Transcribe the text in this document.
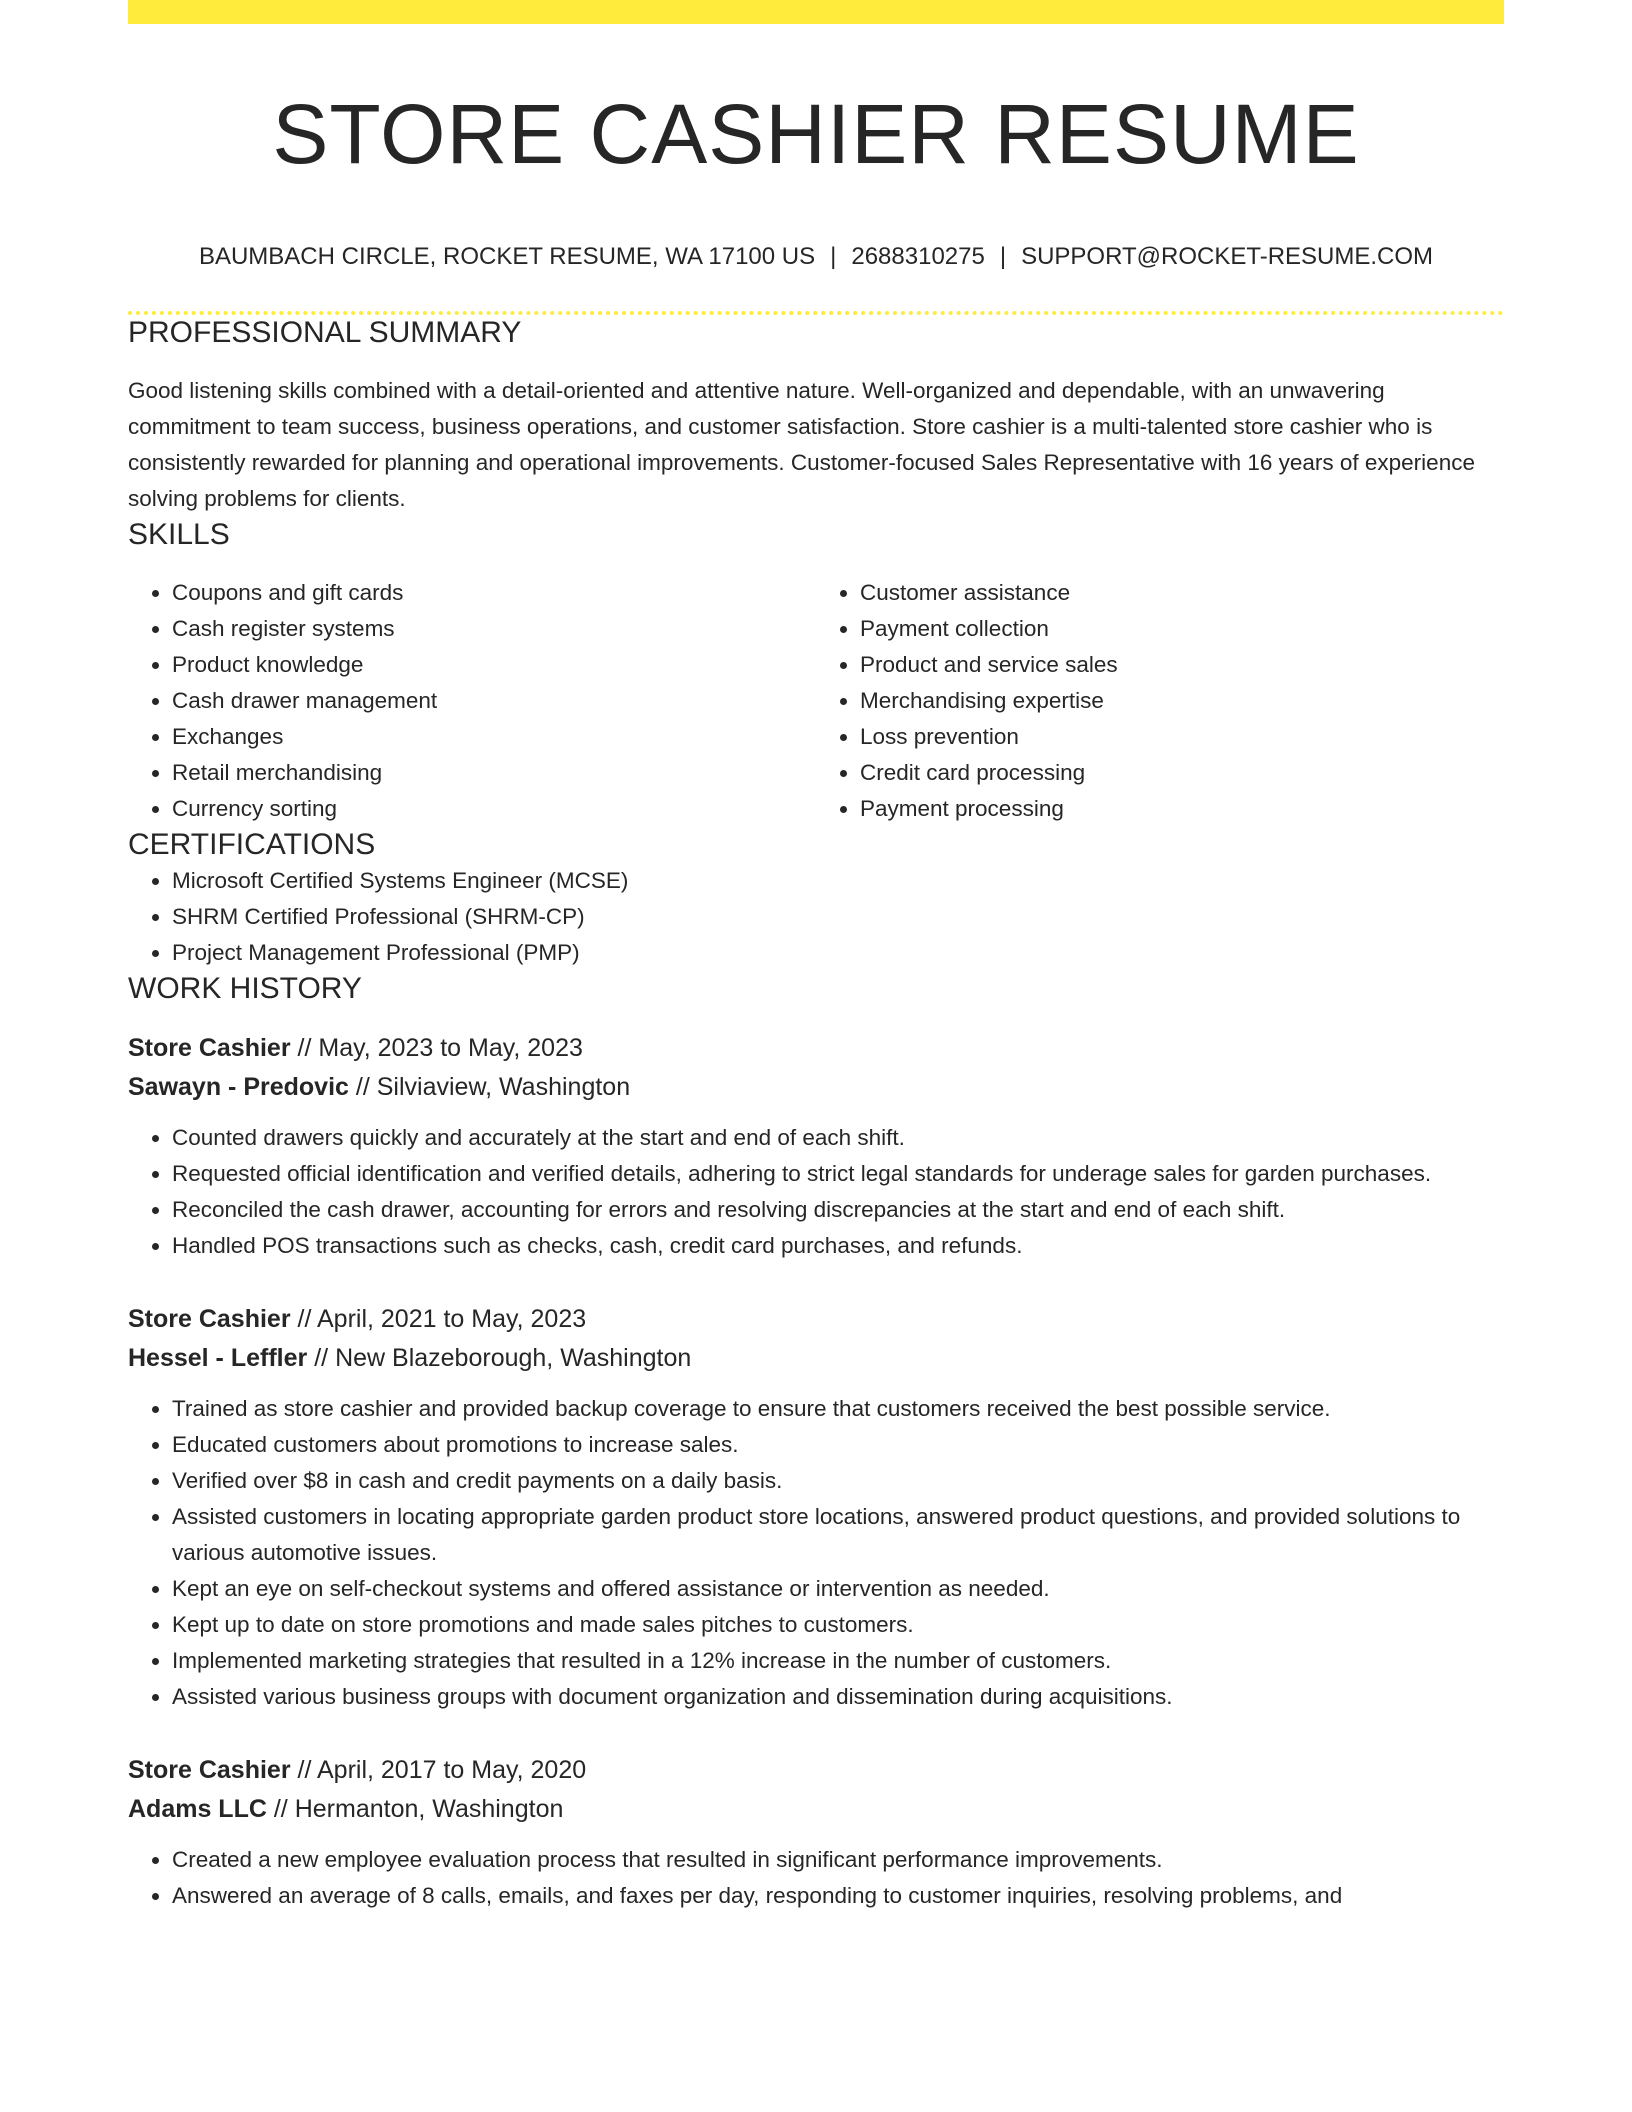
STORE CASHIER RESUME
BAUMBACH CIRCLE, ROCKET RESUME, WA 17100 US | 2688310275 | SUPPORT@ROCKET-RESUME.COM
PROFESSIONAL SUMMARY

Good listening skills combined with a detail-oriented and attentive nature. Well-organized and dependable, with an unwavering commitment to team success, business operations, and customer satisfaction. Store cashier is a multi-talented store cashier who is consistently rewarded for planning and operational improvements. Customer-focused Sales Representative with 16 years of experience solving problems for clients.

SKILLS
• Coupons and gift cards
• Cash register systems
• Product knowledge
• Cash drawer management
• Exchanges
• Retail merchandising
• Currency sorting
• Customer assistance
• Payment collection
• Product and service sales
• Merchandising expertise
• Loss prevention
• Credit card processing
• Payment processing
CERTIFICATIONS
• Microsoft Certified Systems Engineer (MCSE)
• SHRM Certified Professional (SHRM-CP)
• Project Management Professional (PMP)
WORK HISTORY
Store Cashier // May, 2023 to May, 2023
Sawayn - Predovic // Silviaview, Washington
• Counted drawers quickly and accurately at the start and end of each shift.
• Requested official identification and verified details, adhering to strict legal standards for underage sales for garden purchases.
• Reconciled the cash drawer, accounting for errors and resolving discrepancies at the start and end of each shift.
• Handled POS transactions such as checks, cash, credit card purchases, and refunds.
Store Cashier // April, 2021 to May, 2023
Hessel - Leffler // New Blazeborough, Washington
• Trained as store cashier and provided backup coverage to ensure that customers received the best possible service.
• Educated customers about promotions to increase sales.
• Verified over $8 in cash and credit payments on a daily basis.
• Assisted customers in locating appropriate garden product store locations, answered product questions, and provided solutions to various automotive issues.
• Kept an eye on self-checkout systems and offered assistance or intervention as needed.
• Kept up to date on store promotions and made sales pitches to customers.
• Implemented marketing strategies that resulted in a 12% increase in the number of customers.
• Assisted various business groups with document organization and dissemination during acquisitions.
Store Cashier // April, 2017 to May, 2020
Adams LLC // Hermanton, Washington
• Created a new employee evaluation process that resulted in significant performance improvements.
• Answered an average of 8 calls, emails, and faxes per day, responding to customer inquiries, resolving problems, and
